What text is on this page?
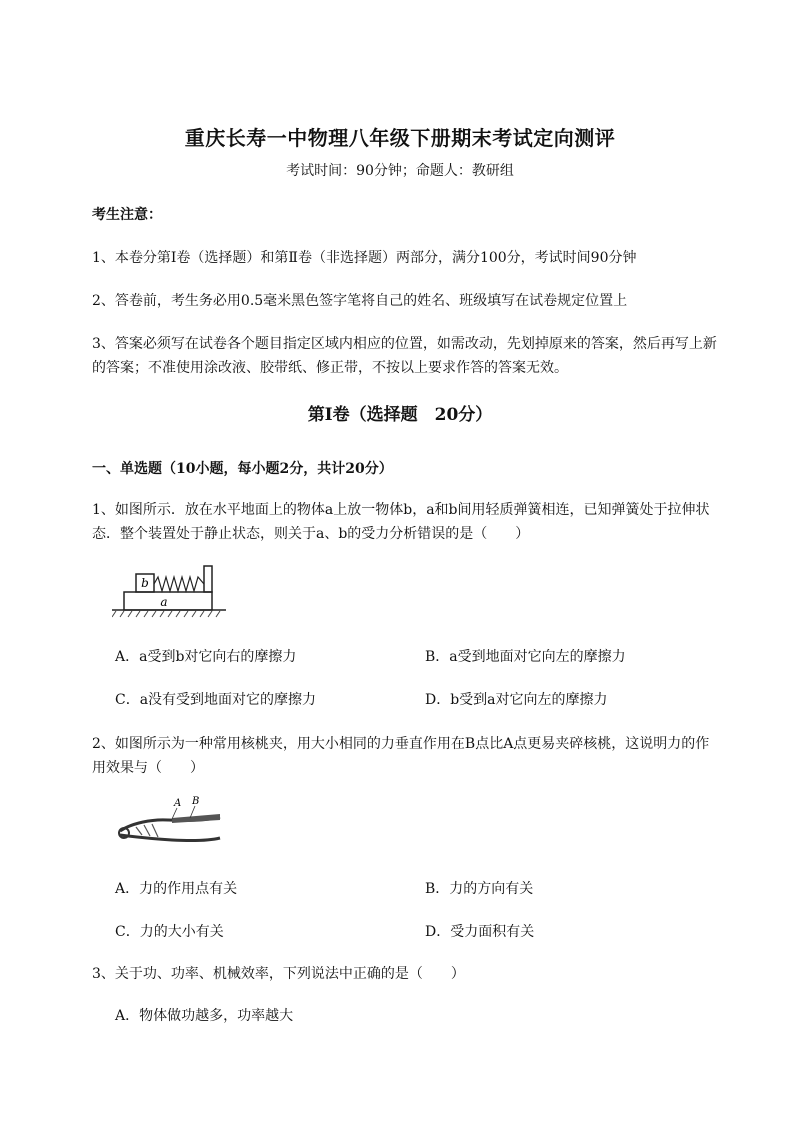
重庆长寿一中物理八年级下册期末考试定向测评
考试时间：90分钟；命题人：教研组
考生注意：
1、本卷分第I卷（选择题）和第Ⅱ卷（非选择题）两部分，满分100分，考试时间90分钟
2、答卷前，考生务必用0.5毫米黑色签字笔将自己的姓名、班级填写在试卷规定位置上
3、答案必须写在试卷各个题目指定区域内相应的位置，如需改动，先划掉原来的答案，然后再写上新
的答案；不准使用涂改液、胶带纸、修正带，不按以上要求作答的答案无效。
第I卷（选择题　20分）
一、单选题（10小题，每小题2分，共计20分）
1、如图所示．放在水平地面上的物体a上放一物体b，a和b间用轻质弹簧相连，已知弹簧处于拉伸状
态．整个装置处于静止状态，则关于a、b的受力分析错误的是（　　）
b
a
A．a受到b对它向右的摩擦力	B．a受到地面对它向左的摩擦力
C．a没有受到地面对它的摩擦力	D．b受到a对它向左的摩擦力
2、如图所示为一种常用核桃夹，用大小相同的力垂直作用在B点比A点更易夹碎核桃，这说明力的作
用效果与（　　）
A B
A．力的作用点有关	B．力的方向有关
C．力的大小有关	D．受力面积有关
3、关于功、功率、机械效率，下列说法中正确的是（　　）
A．物体做功越多，功率越大
